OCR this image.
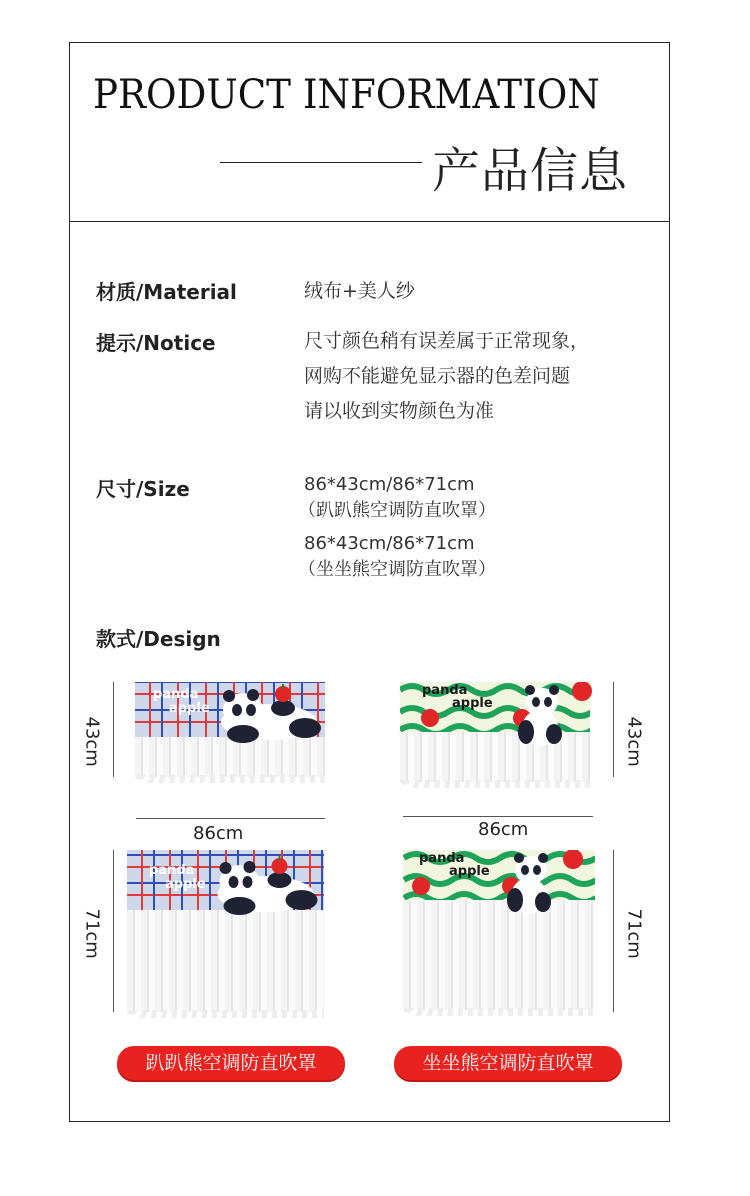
PRODUCT INFORMATION
产品信息
材质/Material	绒布+美人纱
提示/Notice	尺寸颜色稍有误差属于正常现象，
网购不能避免显示器的色差问题
请以收到实物颜色为准
尺寸/Size	86*43cm/86*71cm
（趴趴熊空调防直吹罩）
86*43cm/86*71cm
（坐坐熊空调防直吹罩）
款式/Design
panda
apple
panda
apple
panda
apple
panda
apple
43cm	43cm
86cm	86cm
71cm	71cm
趴趴熊空调防直吹罩	坐坐熊空调防直吹罩
